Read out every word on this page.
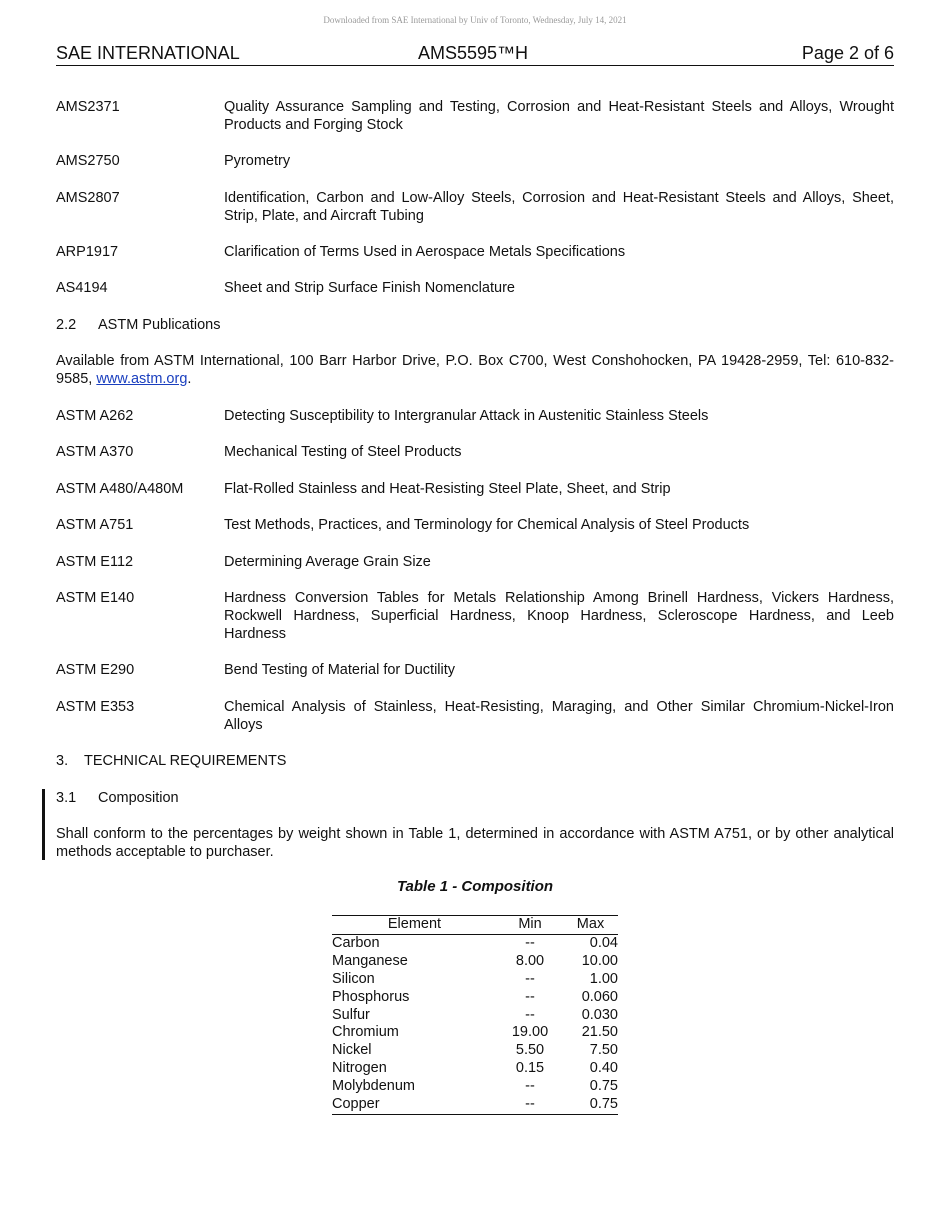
Downloaded from SAE International by Univ of Toronto, Wednesday, July 14, 2021
SAE INTERNATIONAL	AMS5595™H	Page 2 of 6
AMS2371	Quality Assurance Sampling and Testing, Corrosion and Heat-Resistant Steels and Alloys, Wrought Products and Forging Stock
AMS2750	Pyrometry
AMS2807	Identification, Carbon and Low-Alloy Steels, Corrosion and Heat-Resistant Steels and Alloys, Sheet, Strip, Plate, and Aircraft Tubing
ARP1917	Clarification of Terms Used in Aerospace Metals Specifications
AS4194	Sheet and Strip Surface Finish Nomenclature
2.2 ASTM Publications
Available from ASTM International, 100 Barr Harbor Drive, P.O. Box C700, West Conshohocken, PA 19428-2959, Tel: 610-832-9585, www.astm.org.
ASTM A262	Detecting Susceptibility to Intergranular Attack in Austenitic Stainless Steels
ASTM A370	Mechanical Testing of Steel Products
ASTM A480/A480M	Flat-Rolled Stainless and Heat-Resisting Steel Plate, Sheet, and Strip
ASTM A751	Test Methods, Practices, and Terminology for Chemical Analysis of Steel Products
ASTM E112	Determining Average Grain Size
ASTM E140	Hardness Conversion Tables for Metals Relationship Among Brinell Hardness, Vickers Hardness, Rockwell Hardness, Superficial Hardness, Knoop Hardness, Scleroscope Hardness, and Leeb Hardness
ASTM E290	Bend Testing of Material for Ductility
ASTM E353	Chemical Analysis of Stainless, Heat-Resisting, Maraging, and Other Similar Chromium-Nickel-Iron Alloys
3. TECHNICAL REQUIREMENTS
3.1 Composition
Shall conform to the percentages by weight shown in Table 1, determined in accordance with ASTM A751, or by other analytical methods acceptable to purchaser.
Table 1 - Composition
Element	Min	Max
Carbon	--	0.04
Manganese	8.00	10.00
Silicon	--	1.00
Phosphorus	--	0.060
Sulfur	--	0.030
Chromium	19.00	21.50
Nickel	5.50	7.50
Nitrogen	0.15	0.40
Molybdenum	--	0.75
Copper	--	0.75
